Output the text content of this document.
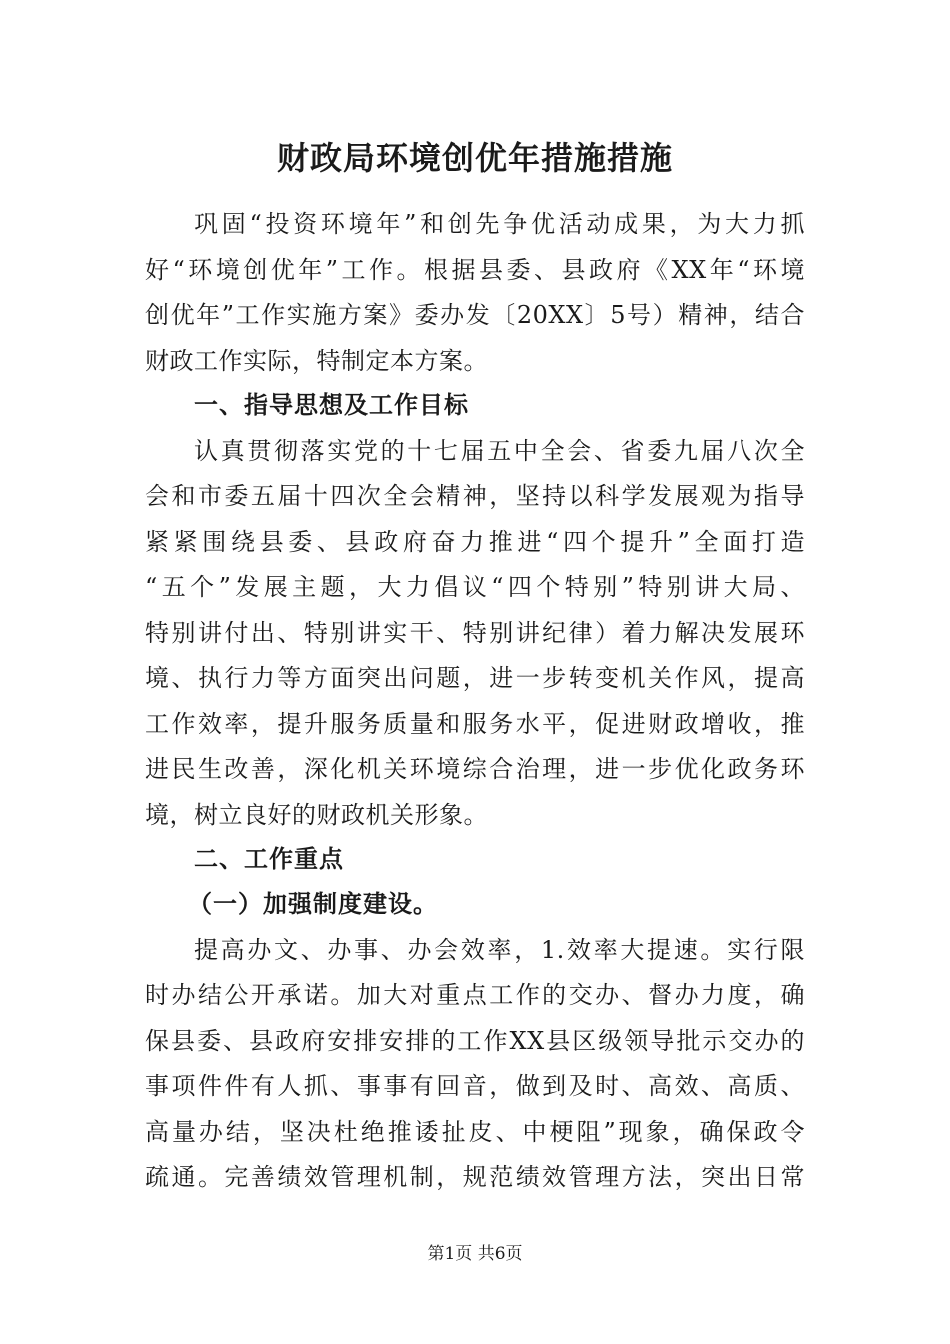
财政局环境创优年措施措施
巩固“投资环境年”和创先争优活动成果，为大力抓
好“环境创优年”工作。根据县委、县政府《XX年“环境
创优年”工作实施方案》委办发〔20XX〕5号）精神，结合
财政工作实际，特制定本方案。
一、指导思想及工作目标
认真贯彻落实党的十七届五中全会、省委九届八次全
会和市委五届十四次全会精神，坚持以科学发展观为指导
紧紧围绕县委、县政府奋力推进“四个提升”全面打造
“五个”发展主题，大力倡议“四个特别”特别讲大局、
特别讲付出、特别讲实干、特别讲纪律）着力解决发展环
境、执行力等方面突出问题，进一步转变机关作风，提高
工作效率，提升服务质量和服务水平，促进财政增收，推
进民生改善，深化机关环境综合治理，进一步优化政务环
境，树立良好的财政机关形象。
二、工作重点
（一）加强制度建设。
提高办文、办事、办会效率，1.效率大提速。实行限
时办结公开承诺。加大对重点工作的交办、督办力度，确
保县委、县政府安排安排的工作XX县区级领导批示交办的
事项件件有人抓、事事有回音，做到及时、高效、高质、
高量办结，坚决杜绝推诿扯皮、中梗阻”现象，确保政令
疏通。完善绩效管理机制，规范绩效管理方法，突出日常
第1页 共6页
